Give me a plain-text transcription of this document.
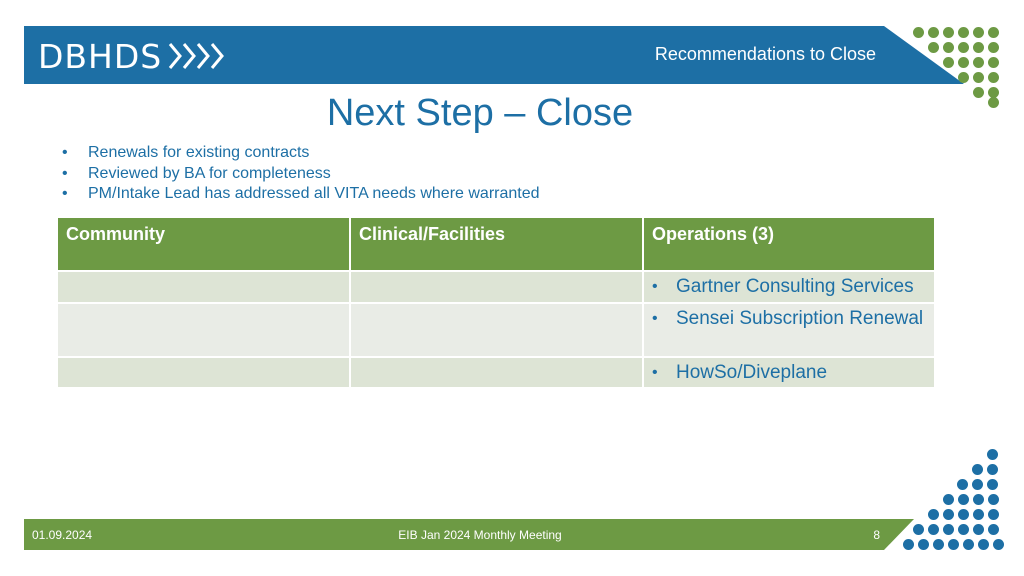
DBHDS	Recommendations to Close
Next Step – Close
• Renewals for existing contracts
• Reviewed by BA for completeness
• PM/Intake Lead has addressed all VITA needs where warranted
Community	Clinical/Facilities	Operations (3)

		• Gartner Consulting Services

		• Sensei Subscription Renewal

		• HowSo/Diveplane
01.09.2024	EIB Jan 2024 Monthly Meeting	8
